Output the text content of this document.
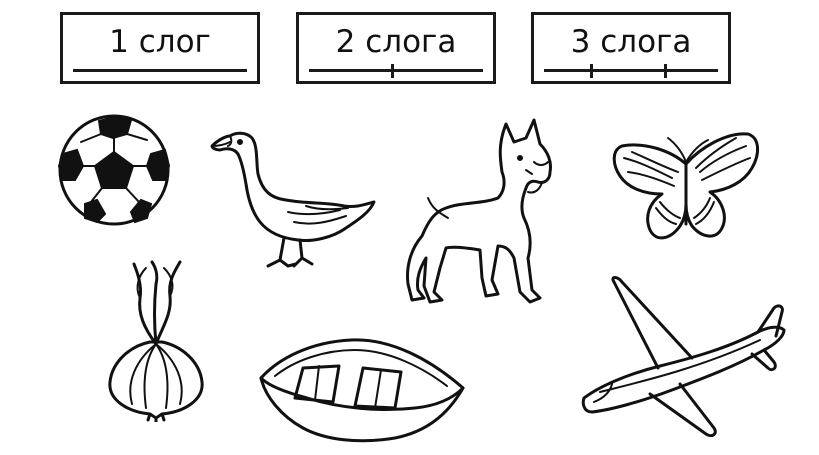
1 слог	2 слога	3 слога
